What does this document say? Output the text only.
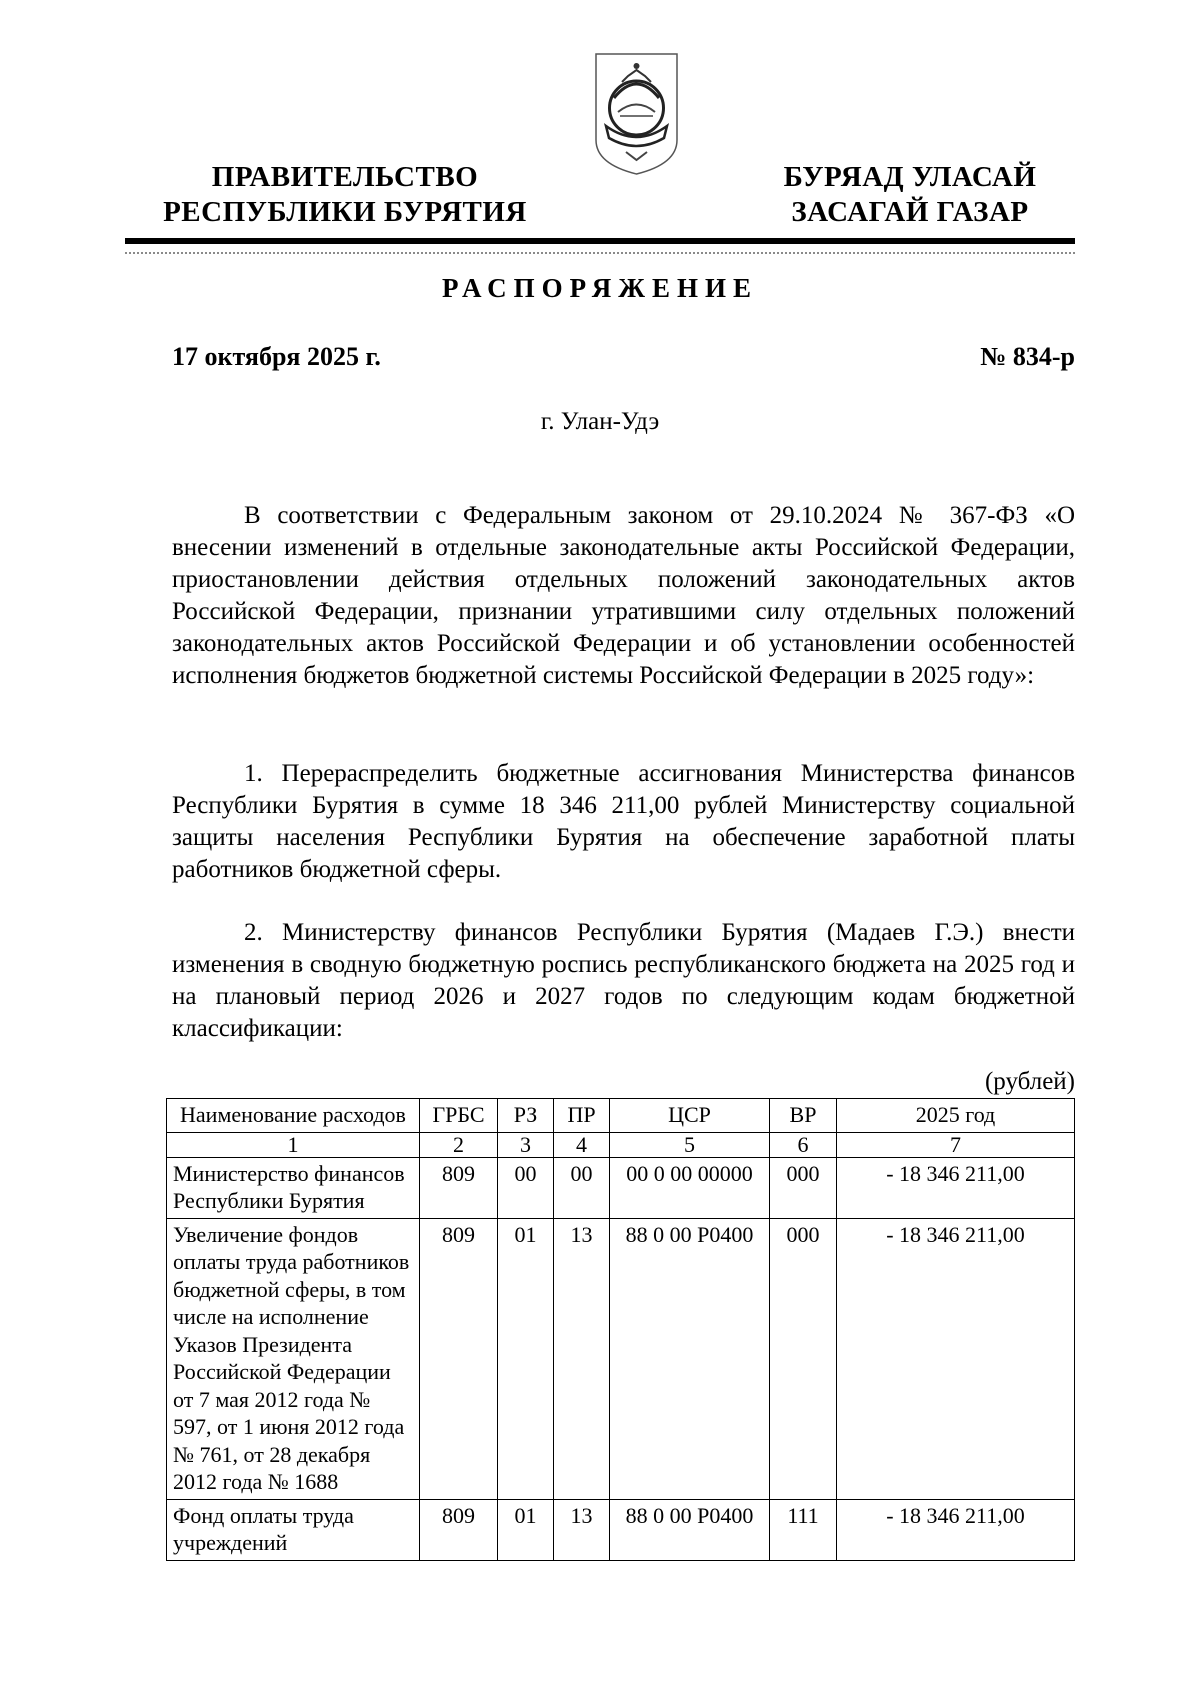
ПРАВИТЕЛЬСТВО
РЕСПУБЛИКИ БУРЯТИЯ
БУРЯАД УЛАСАЙ
ЗАСАГАЙ ГАЗАР
РАСПОРЯЖЕНИЕ
17 октября 2025 г.	№ 834-р
г. Улан-Удэ

В соответствии с Федеральным законом от 29.10.2024 № 367-ФЗ «О внесении изменений в отдельные законодательные акты Российской Федерации, приостановлении действия отдельных положений законодательных актов Российской Федерации, признании утратившими силу отдельных положений законодательных актов Российской Федерации и об установлении особенностей исполнения бюджетов бюджетной системы Российской Федерации в 2025 году»:

1. Перераспределить бюджетные ассигнования Министерства финансов Республики Бурятия в сумме 18 346 211,00 рублей Министерству социальной защиты населения Республики Бурятия на обеспечение заработной платы работников бюджетной сферы.

2. Министерству финансов Республики Бурятия (Мадаев Г.Э.) внести изменения в сводную бюджетную роспись республиканского бюджета на 2025 год и на плановый период 2026 и 2027 годов по следующим кодам бюджетной классификации:

(рублей)
Наименование расходов	ГРБС	РЗ	ПР	ЦСР	ВР	2025 год
1	2	3	4	5	6	7
Министерство финансов Республики Бурятия	809	00	00	00 0 00 00000	000	- 18 346 211,00
Увеличение фондов оплаты труда работников бюджетной сферы, в том числе на исполнение Указов Президента Российской Федерации от 7 мая 2012 года № 597, от 1 июня 2012 года № 761, от 28 декабря 2012 года № 1688	809	01	13	88 0 00 Р0400	000	- 18 346 211,00
Фонд оплаты труда учреждений	809	01	13	88 0 00 Р0400	111	- 18 346 211,00
